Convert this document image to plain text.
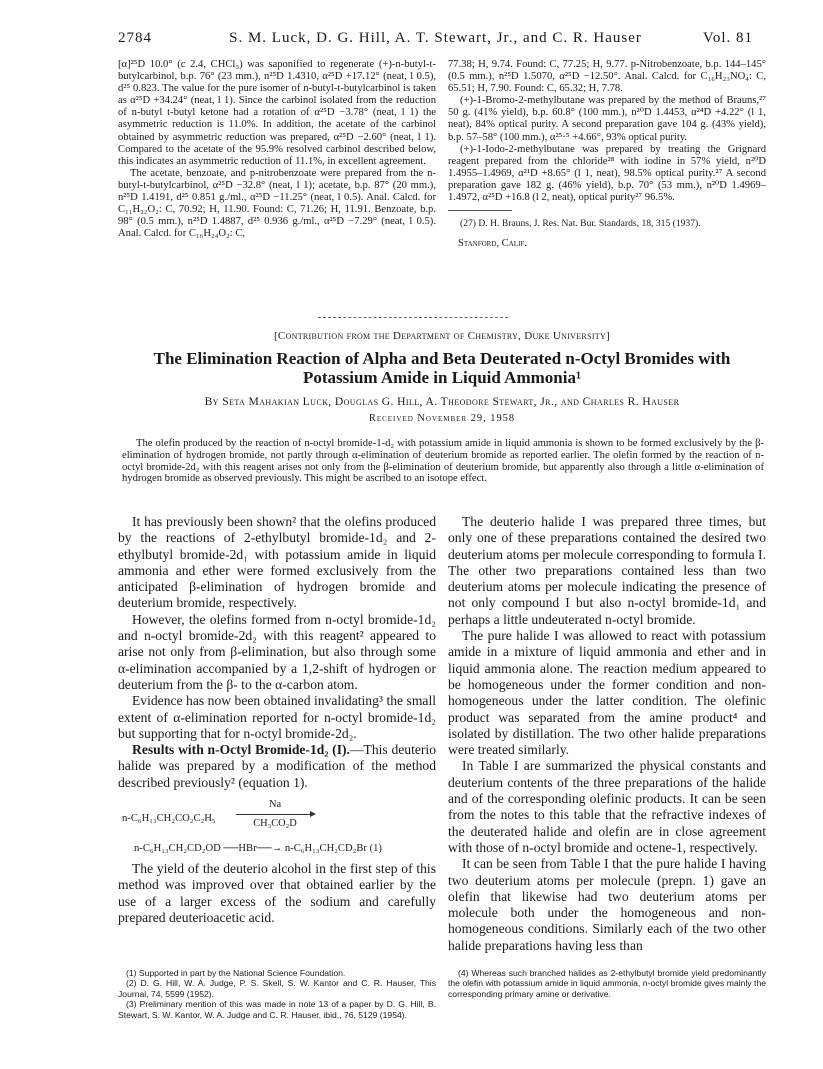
2784	S. M. Luck, D. G. Hill, A. T. Stewart, Jr., and C. R. Hauser	Vol. 81

[α]²⁵D 10.0° (c 2.4, CHCl₃) was saponified to regenerate (+)-n-butyl-t-butylcarbinol, b.p. 76° (23 mm.), n²⁵D 1.4310, α²⁵D +17.12° (neat, l 0.5), d²⁵ 0.823. The value for the pure isomer of n-butyl-t-butylcarbinol is taken as α²⁵D +34.24° (neat, l 1). Since the carbinol isolated from the reduction of n-butyl t-butyl ketone had a rotation of α²⁵D −3.78° (neat, l 1) the asymmetric reduction is 11.0%. In addition, the acetate of the carbinol obtained by asymmetric reduction was prepared, α²⁵D −2.60° (neat, l 1). Compared to the acetate of the 95.9% resolved carbinol described below, this indicates an asymmetric reduction of 11.1%, in excellent agreement.

The acetate, benzoate, and p-nitrobenzoate were prepared from the n-butyl-t-butylcarbinol, α²⁵D −32.8° (neat, l 1); acetate, b.p. 87° (20 mm.), n²⁵D 1.4191, d²⁵ 0.851 g./ml., α²⁵D −11.25° (neat, l 0.5). Anal. Calcd. for C₁₁H₂₂O₂: C, 70.92; H, 11.90. Found: C, 71.26; H, 11.91. Benzoate, b.p. 98° (0.5 mm.), n²⁵D 1.4887, d²⁵ 0.936 g./ml., α²⁵D −7.29° (neat, l 0.5). Anal. Calcd. for C₁₆H₂₄O₂: C,

77.38; H, 9.74. Found: C, 77.25; H, 9.77. p-Nitrobenzoate, b.p. 144–145° (0.5 mm.), n²⁵D 1.5070, α²⁵D −12.50°. Anal. Calcd. for C₁₆H₂₃NO₄: C, 65.51; H, 7.90. Found: C, 65.32; H, 7.78.

(+)-1-Bromo-2-methylbutane was prepared by the method of Brauns,²⁷ 50 g. (41% yield), b.p. 60.8° (100 mm.), n²⁰D 1.4453, α²⁴D +4.22° (l 1, neat), 84% optical purity. A second preparation gave 104 g. (43% yield), b.p. 57–58° (100 mm.), α²⁵·⁵ +4.66°, 93% optical purity.

(+)-1-Iodo-2-methylbutane was prepared by treating the Grignard reagent prepared from the chloride²⁸ with iodine in 57% yield, n²⁰D 1.4955–1.4969, α²¹D +8.65° (l 1, neat), 98.5% optical purity.²⁷ A second preparation gave 182 g. (46% yield), b.p. 70° (53 mm.), n²⁰D 1.4969–1.4972, α²⁵D +16.8 (l 2, neat), optical purity²⁷ 96.5%.

(27) D. H. Brauns, J. Res. Nat. Bur. Standards, 18, 315 (1937).
Stanford, Calif.
[Contribution from the Department of Chemistry, Duke University]
The Elimination Reaction of Alpha and Beta Deuterated n-Octyl Bromides with Potassium Amide in Liquid Ammonia¹
By Seta Mahakian Luck, Douglas G. Hill, A. Theodore Stewart, Jr., and Charles R. Hauser
Received November 29, 1958
The olefin produced by the reaction of n-octyl bromide-1-d₂ with potassium amide in liquid ammonia is shown to be formed exclusively by the β-elimination of hydrogen bromide, not partly through α-elimination of deuterium bromide as reported earlier. The olefin formed by the reaction of n-octyl bromide-2d₂ with this reagent arises not only from the β-elimination of deuterium bromide, but apparently also through a little α-elimination of hydrogen bromide as observed previously. This might be ascribed to an isotope effect.

It has previously been shown² that the olefins produced by the reactions of 2-ethylbutyl bromide-1d₂ and 2-ethylbutyl bromide-2d₁ with potassium amide in liquid ammonia and ether were formed exclusively from the anticipated β-elimination of hydrogen bromide and deuterium bromide, respectively.

However, the olefins formed from n-octyl bromide-1d₂ and n-octyl bromide-2d₂ with this reagent² appeared to arise not only from β-elimination, but also through some α-elimination accompanied by a 1,2-shift of hydrogen or deuterium from the β- to the α-carbon atom.

Evidence has now been obtained invalidating³ the small extent of α-elimination reported for n-octyl bromide-1d₂ but supporting that for n-octyl bromide-2d₂.

Results with n-Octyl Bromide-1d₂ (I).—This deuterio halide was prepared by a modification of the method described previously² (equation 1).

n-C₆H₁₃CH₂CO₂C₂H₅
Na
CH₃CO₂D
n-C₆H₁₃CH₂CD₂OD ──HBr──→ n-C₆H₁₃CH₂CD₂Br (1)

The yield of the deuterio alcohol in the first step of this method was improved over that obtained earlier by the use of a larger excess of the sodium and carefully prepared deuterioacetic acid.

The deuterio halide I was prepared three times, but only one of these preparations contained the desired two deuterium atoms per molecule corresponding to formula I. The other two preparations contained less than two deuterium atoms per molecule indicating the presence of not only compound I but also n-octyl bromide-1d₁ and perhaps a little undeuterated n-octyl bromide.

The pure halide I was allowed to react with potassium amide in a mixture of liquid ammonia and ether and in liquid ammonia alone. The reaction medium appeared to be homogeneous under the former condition and non-homogeneous under the latter condition. The olefinic product was separated from the amine product⁴ and isolated by distillation. The two other halide preparations were treated similarly.

In Table I are summarized the physical constants and deuterium contents of the three preparations of the halide and of the corresponding olefinic products. It can be seen from the notes to this table that the refractive indexes of the deuterated halide and olefin are in close agreement with those of n-octyl bromide and octene-1, respectively.

It can be seen from Table I that the pure halide I having two deuterium atoms per molecule (prepn. 1) gave an olefin that likewise had two deuterium atoms per molecule both under the homogeneous and non-homogeneous conditions. Similarly each of the two other halide preparations having less than

(1) Supported in part by the National Science Foundation.
(2) D. G. Hill, W. A. Judge, P. S. Skell, S. W. Kantor and C. R. Hauser, This Journal, 74, 5599 (1952).
(3) Preliminary mention of this was made in note 13 of a paper by D. G. Hill, B. Stewart, S. W. Kantor, W. A. Judge and C. R. Hauser, ibid., 76, 5129 (1954).
(4) Whereas such branched halides as 2-ethylbutyl bromide yield predominantly the olefin with potassium amide in liquid ammonia, n-octyl bromide gives mainly the corresponding primary amine or derivative.
